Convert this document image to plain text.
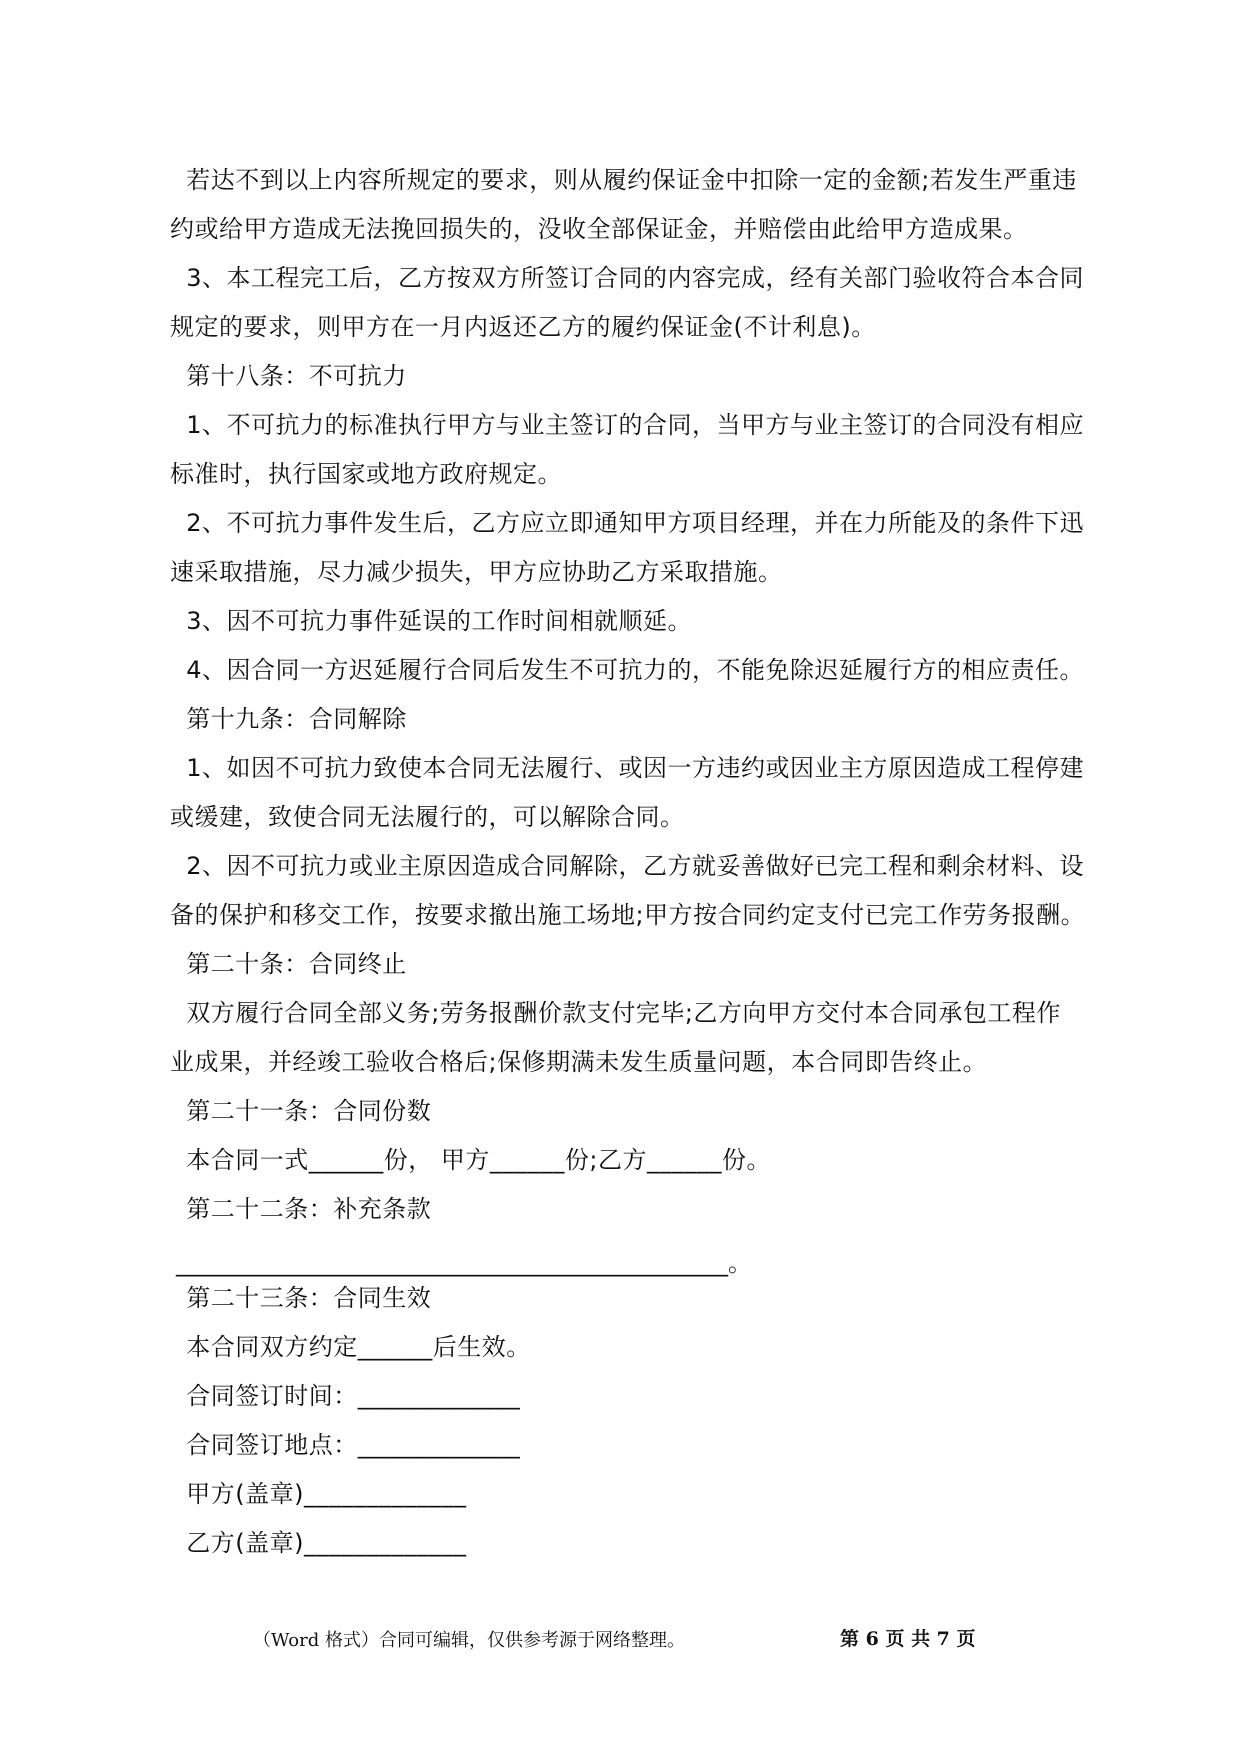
若达不到以上内容所规定的要求，则从履约保证金中扣除一定的金额;若发生严重违
约或给甲方造成无法挽回损失的，没收全部保证金，并赔偿由此给甲方造成果。
3、本工程完工后，乙方按双方所签订合同的内容完成，经有关部门验收符合本合同
规定的要求，则甲方在一月内返还乙方的履约保证金(不计利息)。
第十八条：不可抗力
1、不可抗力的标准执行甲方与业主签订的合同，当甲方与业主签订的合同没有相应
标准时，执行国家或地方政府规定。
2、不可抗力事件发生后，乙方应立即通知甲方项目经理，并在力所能及的条件下迅
速采取措施，尽力减少损失，甲方应协助乙方采取措施。
3、因不可抗力事件延误的工作时间相就顺延。
4、因合同一方迟延履行合同后发生不可抗力的，不能免除迟延履行方的相应责任。
第十九条：合同解除
1、如因不可抗力致使本合同无法履行、或因一方违约或因业主方原因造成工程停建
或缓建，致使合同无法履行的，可以解除合同。
2、因不可抗力或业主原因造成合同解除，乙方就妥善做好已完工程和剩余材料、设
备的保护和移交工作，按要求撤出施工场地;甲方按合同约定支付已完工作劳务报酬。
第二十条：合同终止
双方履行合同全部义务;劳务报酬价款支付完毕;乙方向甲方交付本合同承包工程作
业成果，并经竣工验收合格后;保修期满未发生质量问题，本合同即告终止。
第二十一条：合同份数
本合同一式______份， 甲方______份;乙方______份。
第二十二条：补充条款
______________________________________________。
第二十三条：合同生效
本合同双方约定______后生效。
合同签订时间：_____________
合同签订地点：_____________
甲方(盖章)_____________
乙方(盖章)_____________
（Word 格式）合同可编辑，仅供参考源于网络整理。	第 6 页 共 7 页
